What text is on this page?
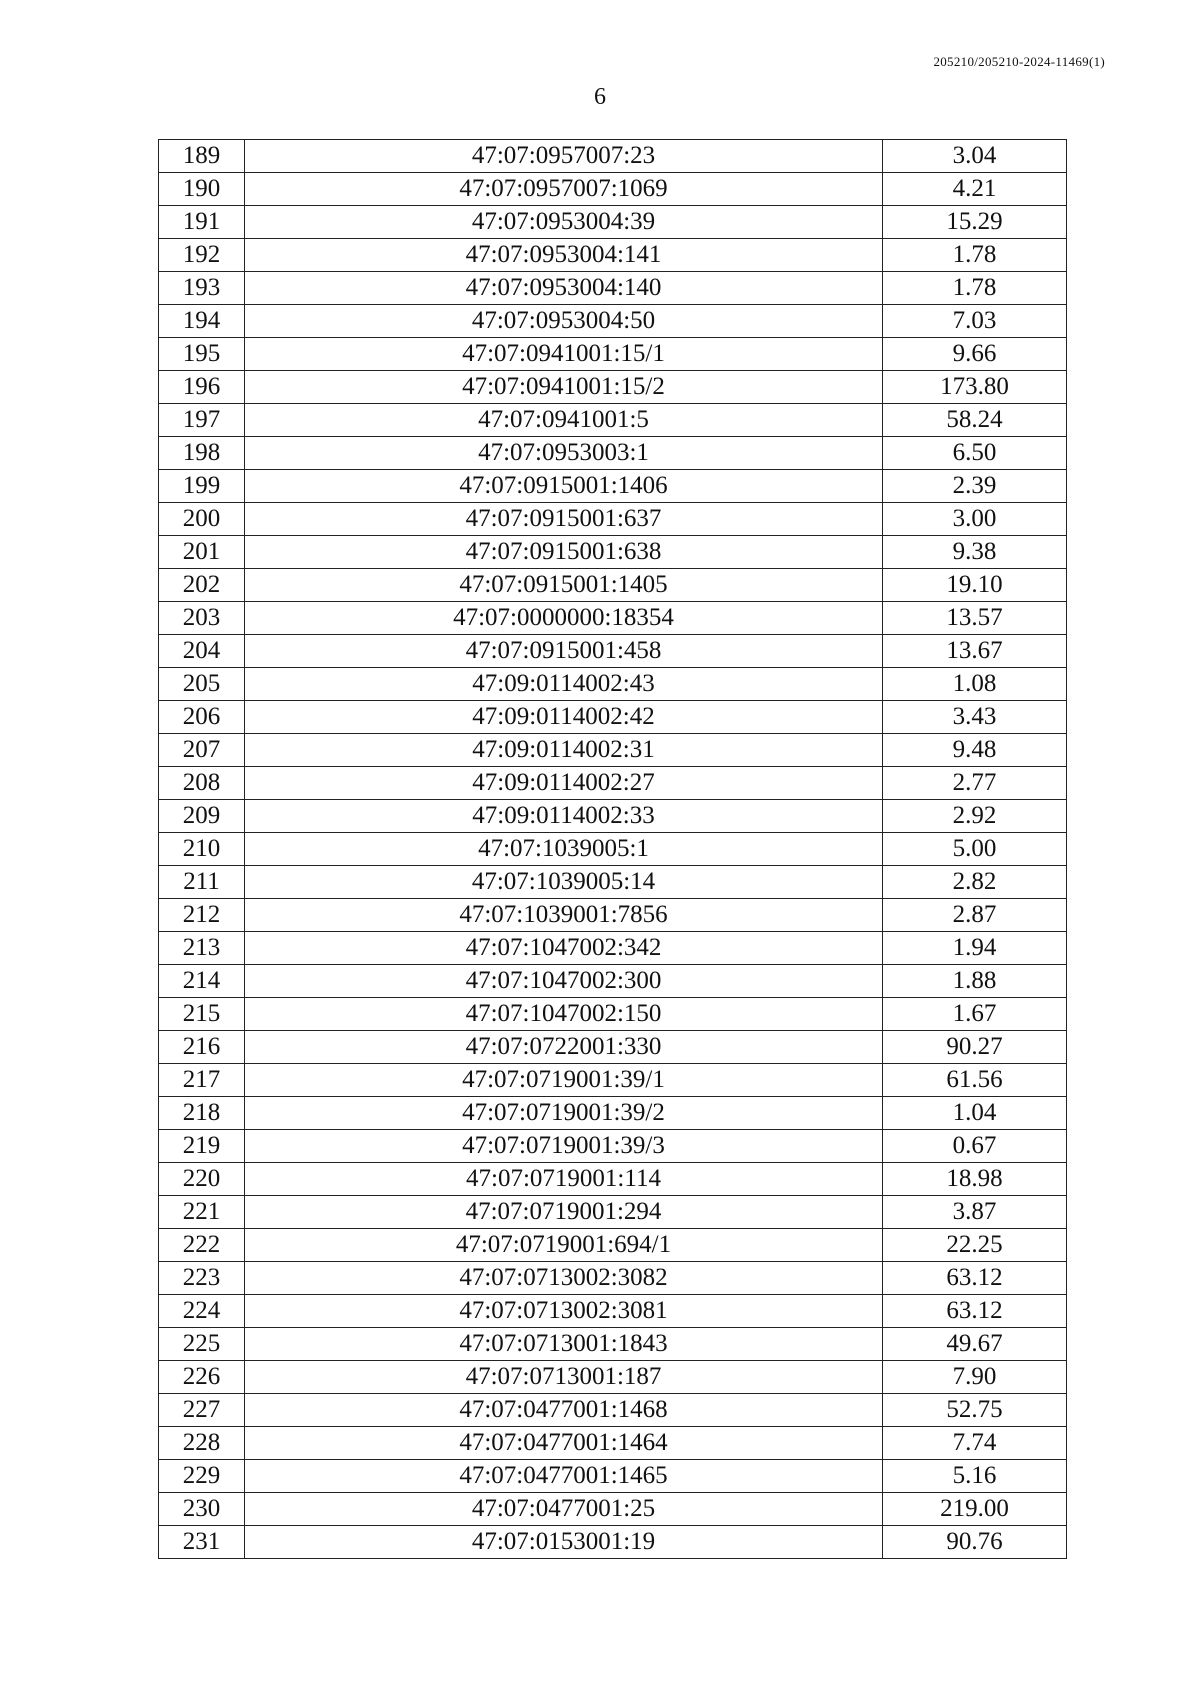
205210/205210-2024-11469(1)
6
189	47:07:0957007:23	3.04
190	47:07:0957007:1069	4.21
191	47:07:0953004:39	15.29
192	47:07:0953004:141	1.78
193	47:07:0953004:140	1.78
194	47:07:0953004:50	7.03
195	47:07:0941001:15/1	9.66
196	47:07:0941001:15/2	173.80
197	47:07:0941001:5	58.24
198	47:07:0953003:1	6.50
199	47:07:0915001:1406	2.39
200	47:07:0915001:637	3.00
201	47:07:0915001:638	9.38
202	47:07:0915001:1405	19.10
203	47:07:0000000:18354	13.57
204	47:07:0915001:458	13.67
205	47:09:0114002:43	1.08
206	47:09:0114002:42	3.43
207	47:09:0114002:31	9.48
208	47:09:0114002:27	2.77
209	47:09:0114002:33	2.92
210	47:07:1039005:1	5.00
211	47:07:1039005:14	2.82
212	47:07:1039001:7856	2.87
213	47:07:1047002:342	1.94
214	47:07:1047002:300	1.88
215	47:07:1047002:150	1.67
216	47:07:0722001:330	90.27
217	47:07:0719001:39/1	61.56
218	47:07:0719001:39/2	1.04
219	47:07:0719001:39/3	0.67
220	47:07:0719001:114	18.98
221	47:07:0719001:294	3.87
222	47:07:0719001:694/1	22.25
223	47:07:0713002:3082	63.12
224	47:07:0713002:3081	63.12
225	47:07:0713001:1843	49.67
226	47:07:0713001:187	7.90
227	47:07:0477001:1468	52.75
228	47:07:0477001:1464	7.74
229	47:07:0477001:1465	5.16
230	47:07:0477001:25	219.00
231	47:07:0153001:19	90.76
